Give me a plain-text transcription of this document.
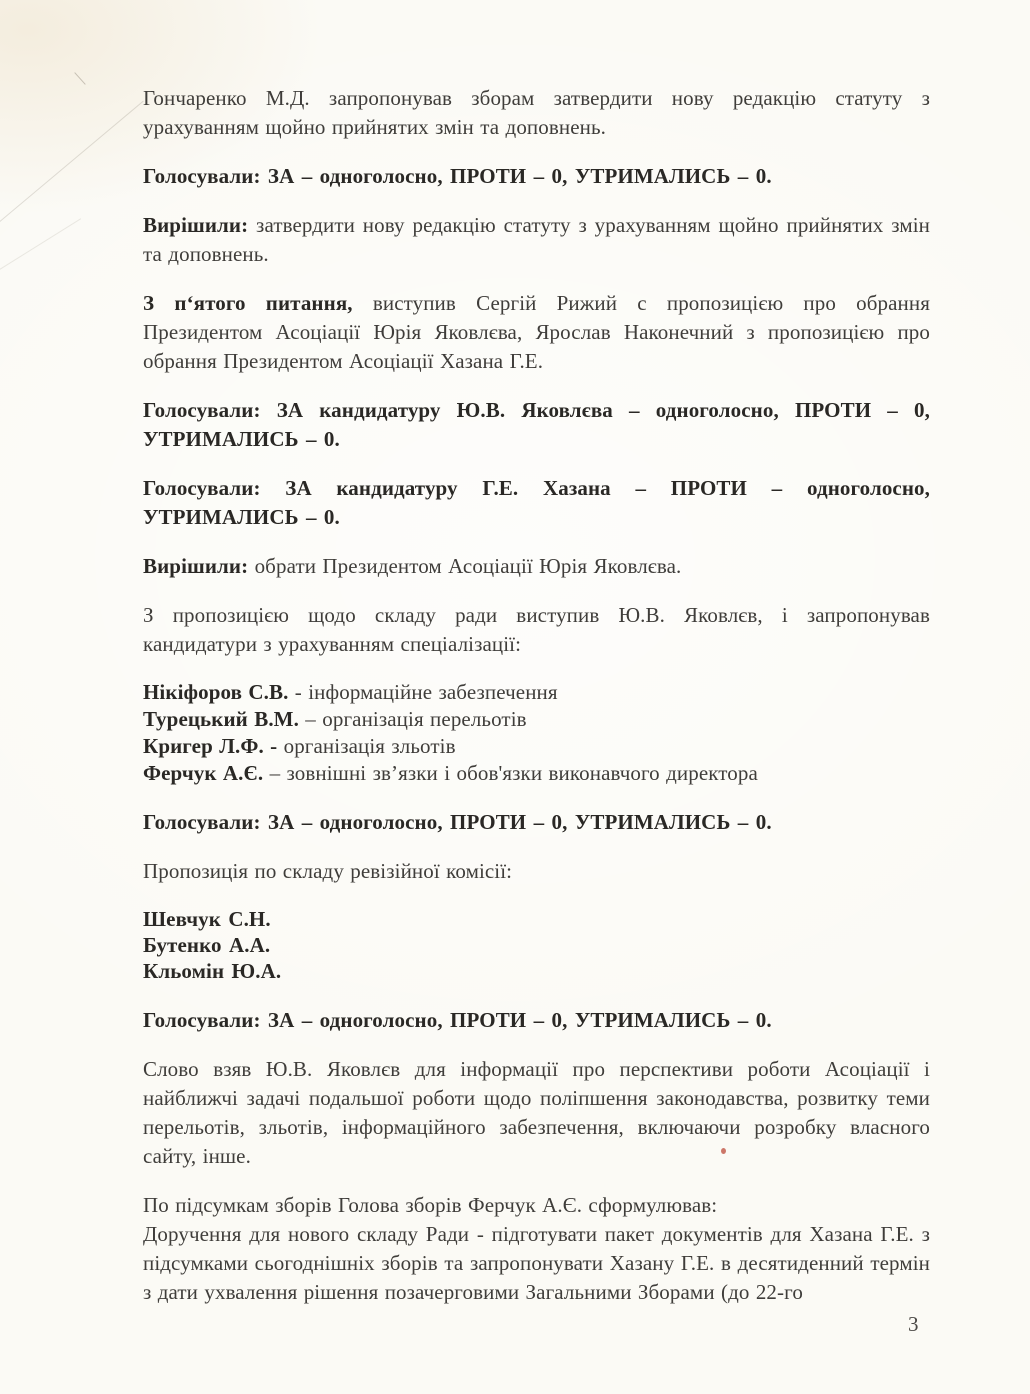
Гончаренко М.Д. запропонував зборам затвердити нову редакцію статуту з урахуванням щойно прийнятих змін та доповнень.

Голосували: ЗА – одноголосно, ПРОТИ – 0, УТРИМАЛИСЬ – 0.

Вирішили: затвердити нову редакцію статуту з урахуванням щойно прийнятих змін та доповнень.

З п‘ятого питання, виступив Сергій Рижий с пропозицією про обрання Президентом Асоціації Юрія Яковлєва, Ярослав Наконечний з пропозицією про обрання Президентом Асоціації Хазана Г.Е.

Голосували: ЗА кандидатуру Ю.В. Яковлєва – одноголосно, ПРОТИ – 0, УТРИМАЛИСЬ – 0.

Голосували: ЗА кандидатуру Г.Е. Хазана – ПРОТИ – одноголосно, УТРИМАЛИСЬ – 0.

Вирішили: обрати Президентом Асоціації Юрія Яковлєва.

З пропозицією щодо складу ради виступив Ю.В. Яковлєв, і запропонував кандидатури з урахуванням спеціалізації:

Нікіфоров С.В. - інформаційне забезпечення
Турецький В.М. – організація перельотів
Кригер Л.Ф. - організація зльотів
Ферчук А.Є. – зовнішні зв’язки і обов'язки виконавчого директора

Голосували: ЗА – одноголосно, ПРОТИ – 0, УТРИМАЛИСЬ – 0.

Пропозиція по складу ревізійної комісії:

Шевчук С.Н.
Бутенко А.А.
Кльомін Ю.А.

Голосували: ЗА – одноголосно, ПРОТИ – 0, УТРИМАЛИСЬ – 0.

Слово взяв Ю.В. Яковлєв для інформації про перспективи роботи Асоціації і найближчі задачі подальшої роботи щодо поліпшення законодавства, розвитку теми перельотів, зльотів, інформаційного забезпечення, включаючи розробку власного сайту, інше.

По підсумкам зборів Голова зборів Ферчук А.Є. сформулював:
Доручення для нового складу Ради - підготувати пакет документів для Хазана Г.Е. з підсумками сьогоднішніх зборів та запропонувати Хазану Г.Е. в десятиденний термін з дати ухвалення рішення позачерговими Загальними Зборами (до 22-го

3
